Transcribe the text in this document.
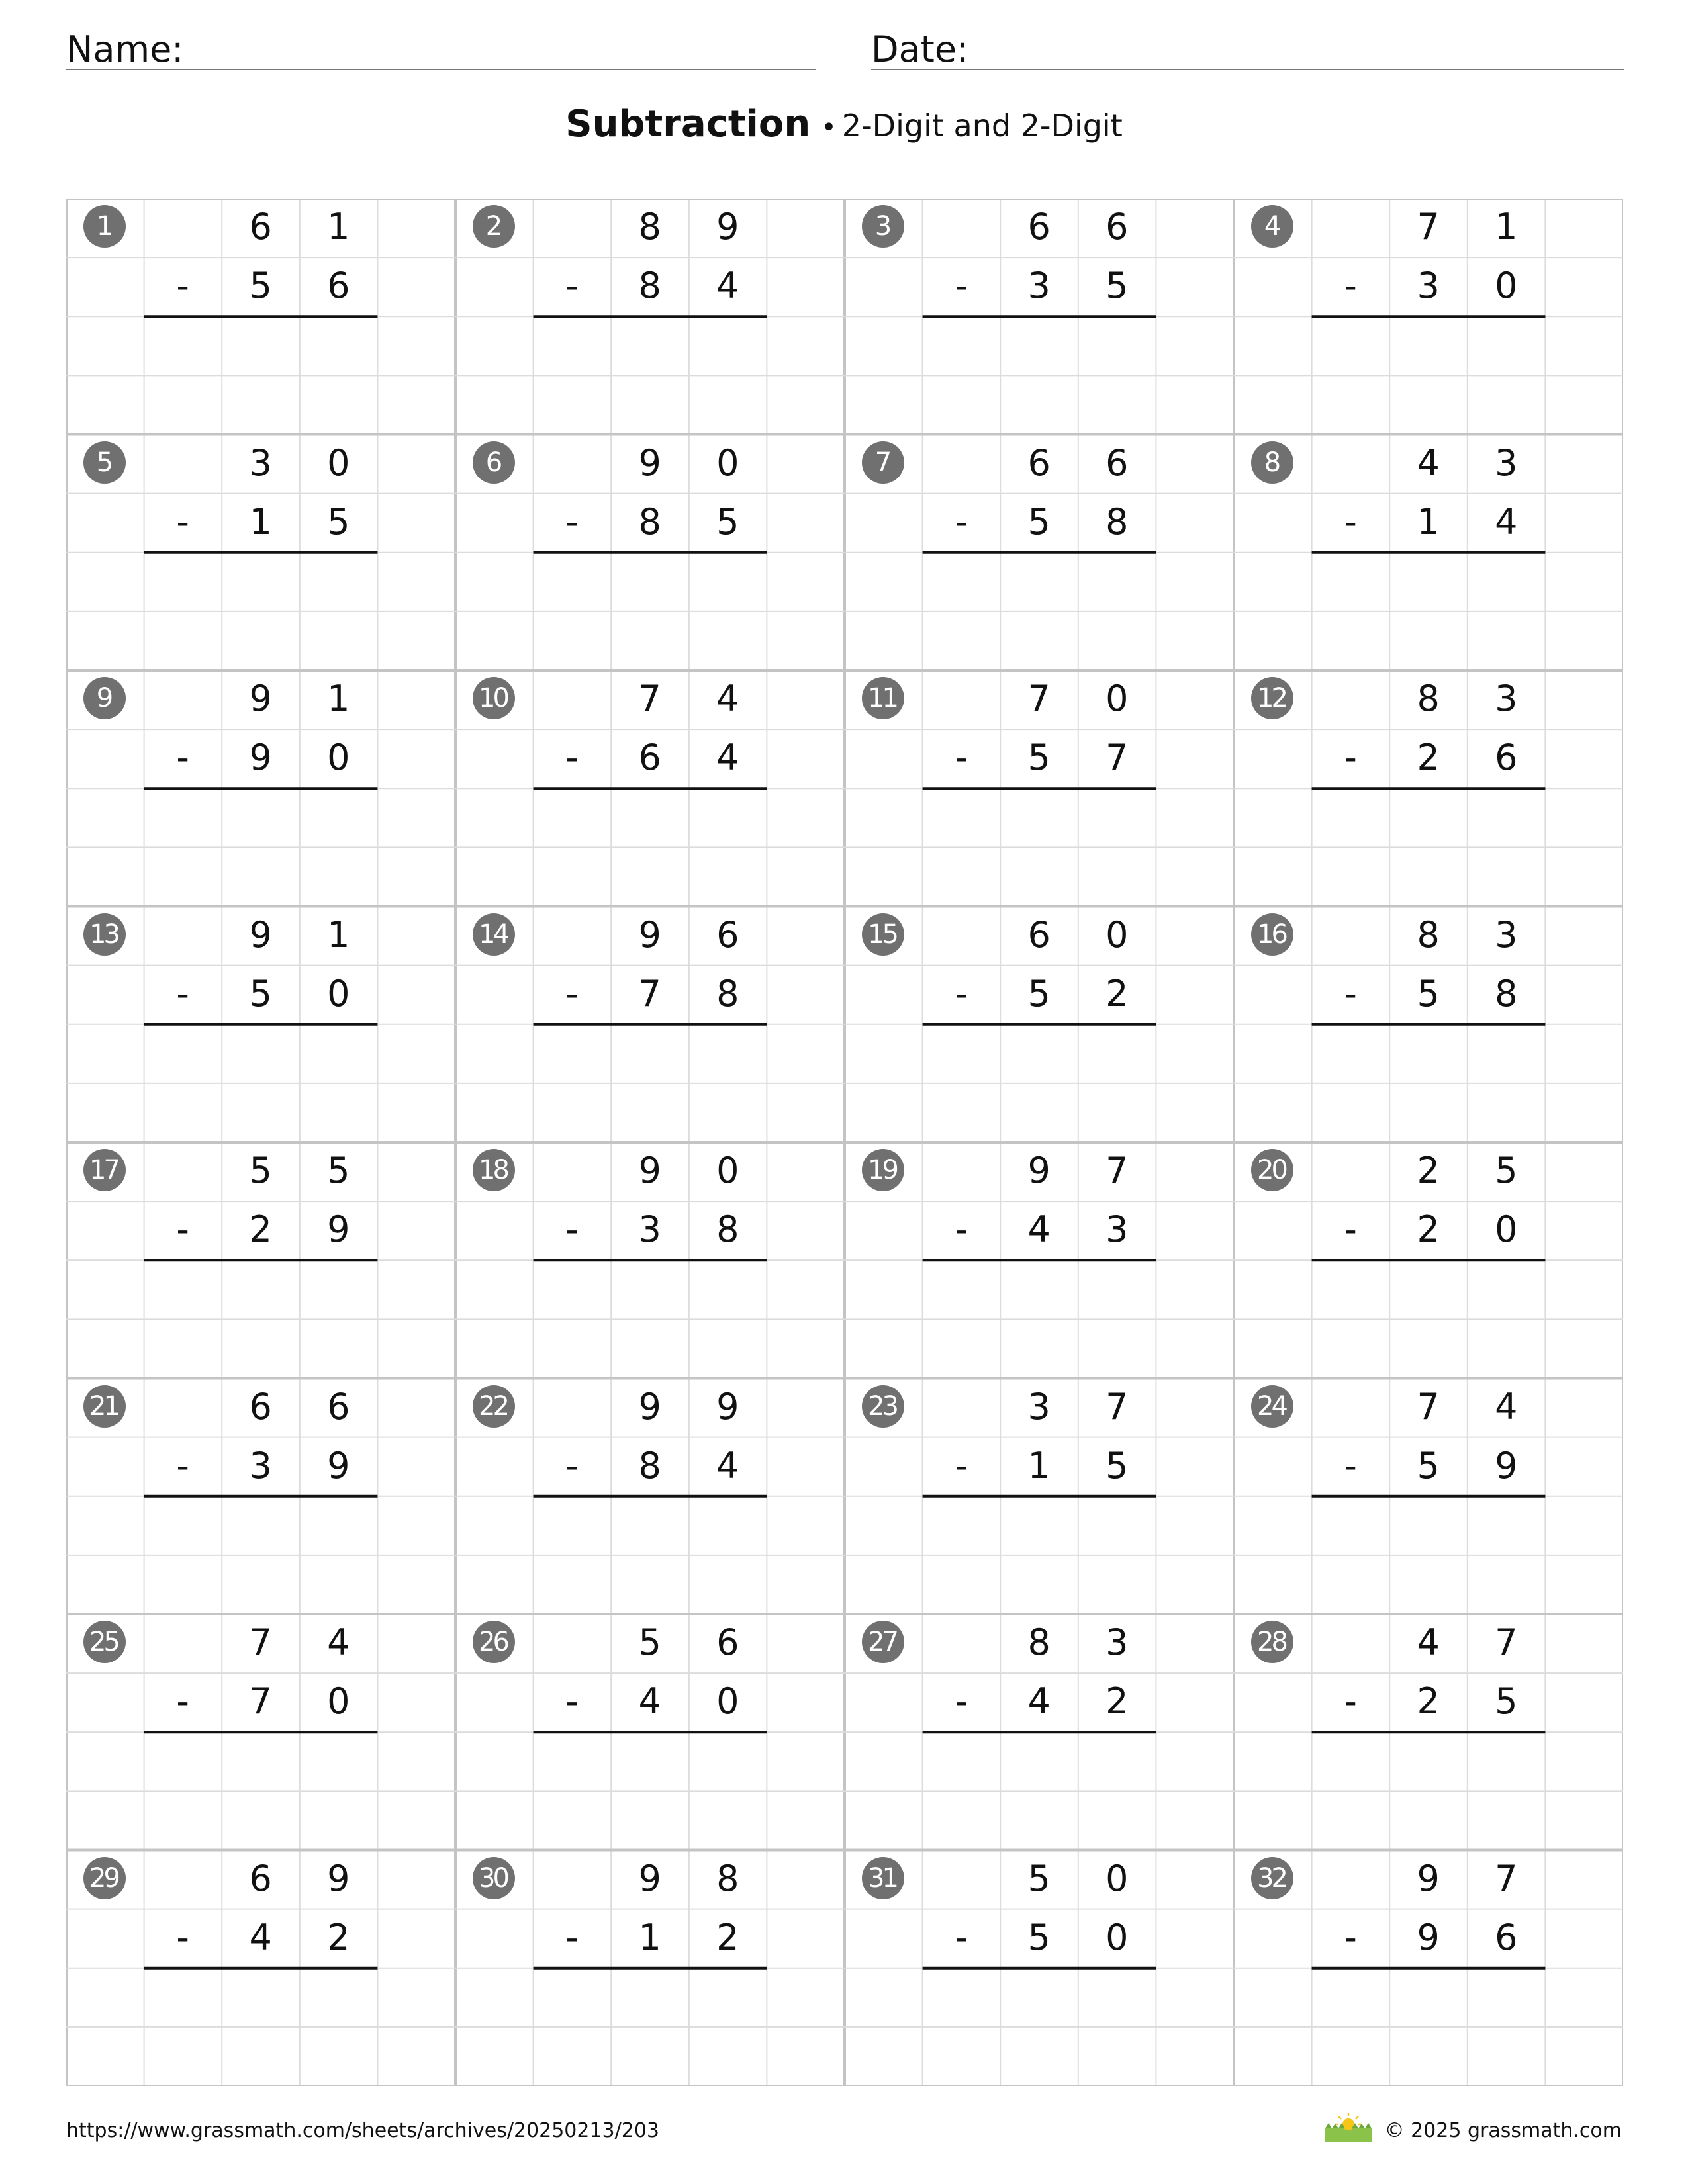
Name:	Date:
Subtraction • 2-Digit and 2-Digit
1	6	1
-	5	6
2	8	9
-	8	4
3	6	6
-	3	5
4	7	1
-	3	0
5	3	0
-	1	5
6	9	0
-	8	5
7	6	6
-	5	8
8	4	3
-	1	4
9	9	1
-	9	0
10	7	4
-	6	4
11	7	0
-	5	7
12	8	3
-	2	6
13	9	1
-	5	0
14	9	6
-	7	8
15	6	0
-	5	2
16	8	3
-	5	8
17	5	5
-	2	9
18	9	0
-	3	8
19	9	7
-	4	3
20	2	5
-	2	0
21	6	6
-	3	9
22	9	9
-	8	4
23	3	7
-	1	5
24	7	4
-	5	9
25	7	4
-	7	0
26	5	6
-	4	0
27	8	3
-	4	2
28	4	7
-	2	5
29	6	9
-	4	2
30	9	8
-	1	2
31	5	0
-	5	0
32	9	7
-	9	6
https://www.grassmath.com/sheets/archives/20250213/203	© 2025 grassmath.com
